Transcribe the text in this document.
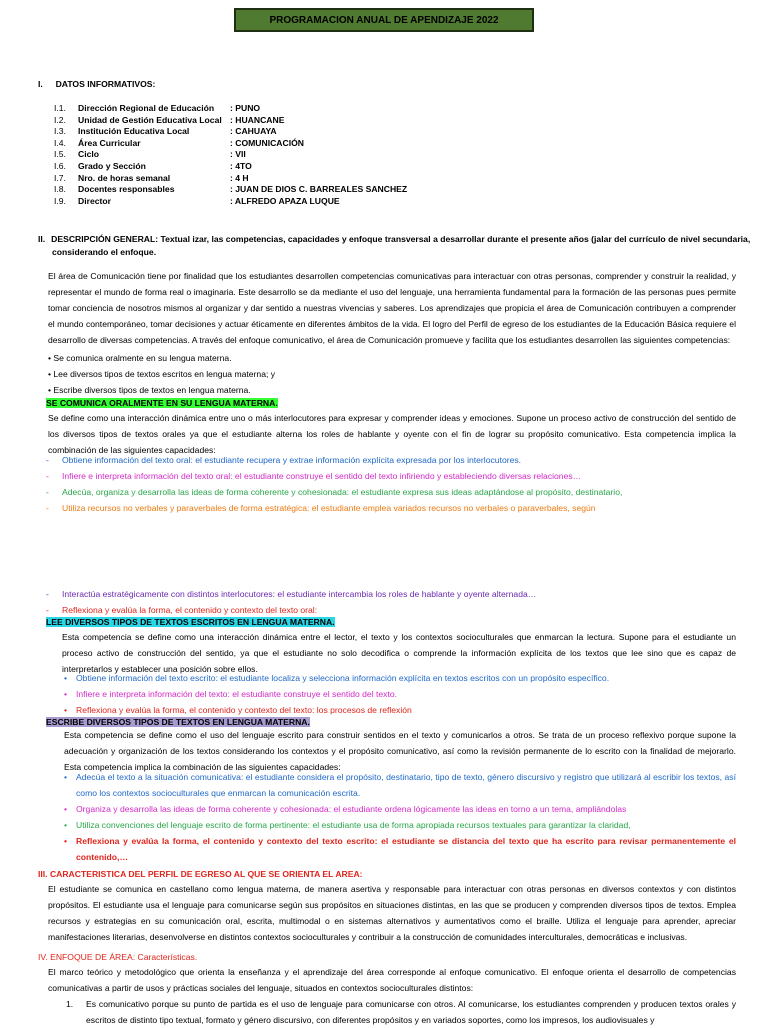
PROGRAMACION ANUAL DE APENDIZAJE 2022
I. DATOS INFORMATIVOS:
I.1. Dirección Regional de Educación : PUNO
I.2. Unidad de Gestión Educativa Local : HUANCANE
I.3. Institución Educativa Local	: CAHUAYA
I.4. Área Curricular	: COMUNICACIÓN
I.5. Ciclo	: VII
I.6. Grado y Sección	: 4TO
I.7. Nro. de horas semanal	: 4 H
I.8. Docentes responsables	: JUAN DE DIOS C. BARREALES SANCHEZ
I.9. Director	: ALFREDO APAZA LUQUE
II. DESCRIPCIÓN GENERAL: Textual izar, las competencias, capacidades y enfoque transversal a desarrollar durante el presente años (jalar del currículo de nivel secundaria,
considerando el enfoque.
El área de Comunicación tiene por finalidad que los estudiantes desarrollen competencias comunicativas para interactuar con otras personas, comprender y construir la realidad, y representar el mundo de forma real o imaginaria. Este desarrollo se da mediante el uso del lenguaje, una herramienta fundamental para la formación de las personas pues permite tomar conciencia de nosotros mismos al organizar y dar sentido a nuestras vivencias y saberes. Los aprendizajes que propicia el área de Comunicación contribuyen a comprender el mundo contemporáneo, tomar decisiones y actuar éticamente en diferentes ámbitos de la vida. El logro del Perfil de egreso de los estudiantes de la Educación Básica requiere el desarrollo de diversas competencias. A través del enfoque comunicativo, el área de Comunicación promueve y facilita que los estudiantes desarrollen las siguientes competencias:
• Se comunica oralmente en su lengua materna.
• Lee diversos tipos de textos escritos en lengua materna; y
• Escribe diversos tipos de textos en lengua materna.
SE COMUNICA ORALMENTE EN SU LENGUA MATERNA.
Se define como una interacción dinámica entre uno o más interlocutores para expresar y comprender ideas y emociones. Supone un proceso activo de construcción del sentido de los diversos tipos de textos orales ya que el estudiante alterna los roles de hablante y oyente con el fin de lograr su propósito comunicativo. Esta competencia implica la combinación de las siguientes capacidades:
- Obtiene información del texto oral: el estudiante recupera y extrae información explícita expresada por los interlocutores.
- Infiere e interpreta información del texto oral: el estudiante construye el sentido del texto infiriendo y estableciendo diversas relaciones…
- Adecúa, organiza y desarrolla las ideas de forma coherente y cohesionada: el estudiante expresa sus ideas adaptándose al propósito, destinatario,
- Utiliza recursos no verbales y paraverbales de forma estratégica: el estudiante emplea variados recursos no verbales o paraverbales, según
- Interactúa estratégicamente con distintos interlocutores: el estudiante intercambia los roles de hablante y oyente alternada…
- Reflexiona y evalúa la forma, el contenido y contexto del texto oral:
LEE DIVERSOS TIPOS DE TEXTOS ESCRITOS EN LENGUA MATERNA.
Esta competencia se define como una interacción dinámica entre el lector, el texto y los contextos socioculturales que enmarcan la lectura. Supone para el estudiante un proceso activo de construcción del sentido, ya que el estudiante no solo decodifica o comprende la información explícita de los textos que lee sino que es capaz de interpretarlos y establecer una posición sobre ellos.
• Obtiene información del texto escrito: el estudiante localiza y selecciona información explícita en textos escritos con un propósito específico.
• Infiere e interpreta información del texto: el estudiante construye el sentido del texto.
• Reflexiona y evalúa la forma, el contenido y contexto del texto: los procesos de reflexión
ESCRIBE DIVERSOS TIPOS DE TEXTOS EN LENGUA MATERNA.
Esta competencia se define como el uso del lenguaje escrito para construir sentidos en el texto y comunicarlos a otros. Se trata de un proceso reflexivo porque supone la adecuación y organización de los textos considerando los contextos y el propósito comunicativo, así como la revisión permanente de lo escrito con la finalidad de mejorarlo. Esta competencia implica la combinación de las siguientes capacidades:
•	Adecúa el texto a la situación comunicativa: el estudiante considera el propósito, destinatario, tipo de texto, género discursivo y registro que utilizará al escribir los textos, así como los contextos socioculturales que enmarcan la comunicación escrita.
•	Organiza y desarrolla las ideas de forma coherente y cohesionada: el estudiante ordena lógicamente las ideas en torno a un tema, ampliándolas
•	Utiliza convenciones del lenguaje escrito de forma pertinente: el estudiante usa de forma apropiada recursos textuales para garantizar la claridad,
•	Reflexiona y evalúa la forma, el contenido y contexto del texto escrito: el estudiante se distancia del texto que ha escrito para revisar permanentemente el contenido,…
III. CARACTERISTICA DEL PERFIL DE EGRESO AL QUE SE ORIENTA EL AREA:
El estudiante se comunica en castellano como lengua materna, de manera asertiva y responsable para interactuar con otras personas en diversos contextos y con distintos propósitos. El estudiante usa el lenguaje para comunicarse según sus propósitos en situaciones distintas, en las que se producen y comprenden diversos tipos de textos. Emplea recursos y estrategias en su comunicación oral, escrita, multimodal o en sistemas alternativos y aumentativos como el braille. Utiliza el lenguaje para aprender, apreciar manifestaciones literarias, desenvolverse en distintos contextos socioculturales y contribuir a la construcción de comunidades interculturales, democráticas e inclusivas.
IV. ENFOQUE DE ÁREA: Características.
El marco teórico y metodológico que orienta la enseñanza y el aprendizaje del área corresponde al enfoque comunicativo. El enfoque orienta el desarrollo de competencias comunicativas a partir de usos y prácticas sociales del lenguaje, situados en contextos socioculturales distintos:
1.	Es comunicativo porque su punto de partida es el uso de lenguaje para comunicarse con otros. Al comunicarse, los estudiantes comprenden y producen textos orales y escritos de distinto tipo textual, formato y género discursivo, con diferentes propósitos y en variados soportes, como los impresos, los audiovisuales y
